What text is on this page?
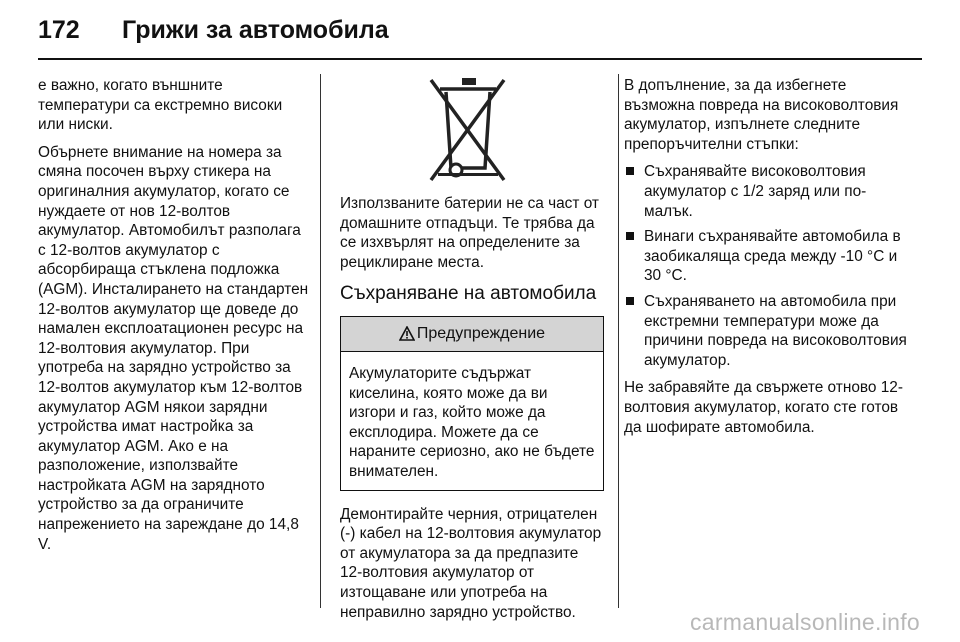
172 Грижи за автомобила

е важно, когато външните температури са екстремно високи или ниски.

Обърнете внимание на номера за смяна посочен върху стикера на оригиналния акумулатор, когато се нуждаете от нов 12-волтов акумулатор. Автомобилът разполага с 12-волтов акумулатор с абсорбираща стъклена подложка (AGM). Инсталирането на стандартен 12-волтов акумулатор ще доведе до намален експлоатационен ресурс на 12-волтовия акумулатор. При употреба на зарядно устройство за 12-волтов акумулатор към 12-волтов акумулатор AGM някои зарядни устройства имат настройка за акумулатор AGM. Ако е на разположение, използвайте настройката AGM на зарядното устройство за да ограничите напрежението на зареждане до 14,8 V.

Използваните батерии не са част от домашните отпадъци. Те трябва да се изхвърлят на определените за рециклиране места.

Съхраняване на автомобила
Предупреждение
Акумулаторите съдържат киселина, която може да ви изгори и газ, който може да експлодира. Можете да се нараните сериозно, ако не бъдете внимателен.

Демонтирайте черния, отрицателен (-) кабел на 12-волтовия акумулатор от акумулатора за да предпазите 12-волтовия акумулатор от изтощаване или употреба на неправилно зарядно устройство.

В допълнение, за да избегнете възможна повреда на високоволтовия акумулатор, изпълнете следните препоръчителни стъпки:

Съхранявайте високоволтовия акумулатор с 1/2 заряд или по-малък.
Винаги съхранявайте автомобила в заобикаляща среда между -10 °C и 30 °C.
Съхраняването на автомобила при екстремни температури може да причини повреда на високоволтовия акумулатор.

Не забравяйте да свържете отново 12-волтовия акумулатор, когато сте готов да шофирате автомобила.

carmanualsonline.info
